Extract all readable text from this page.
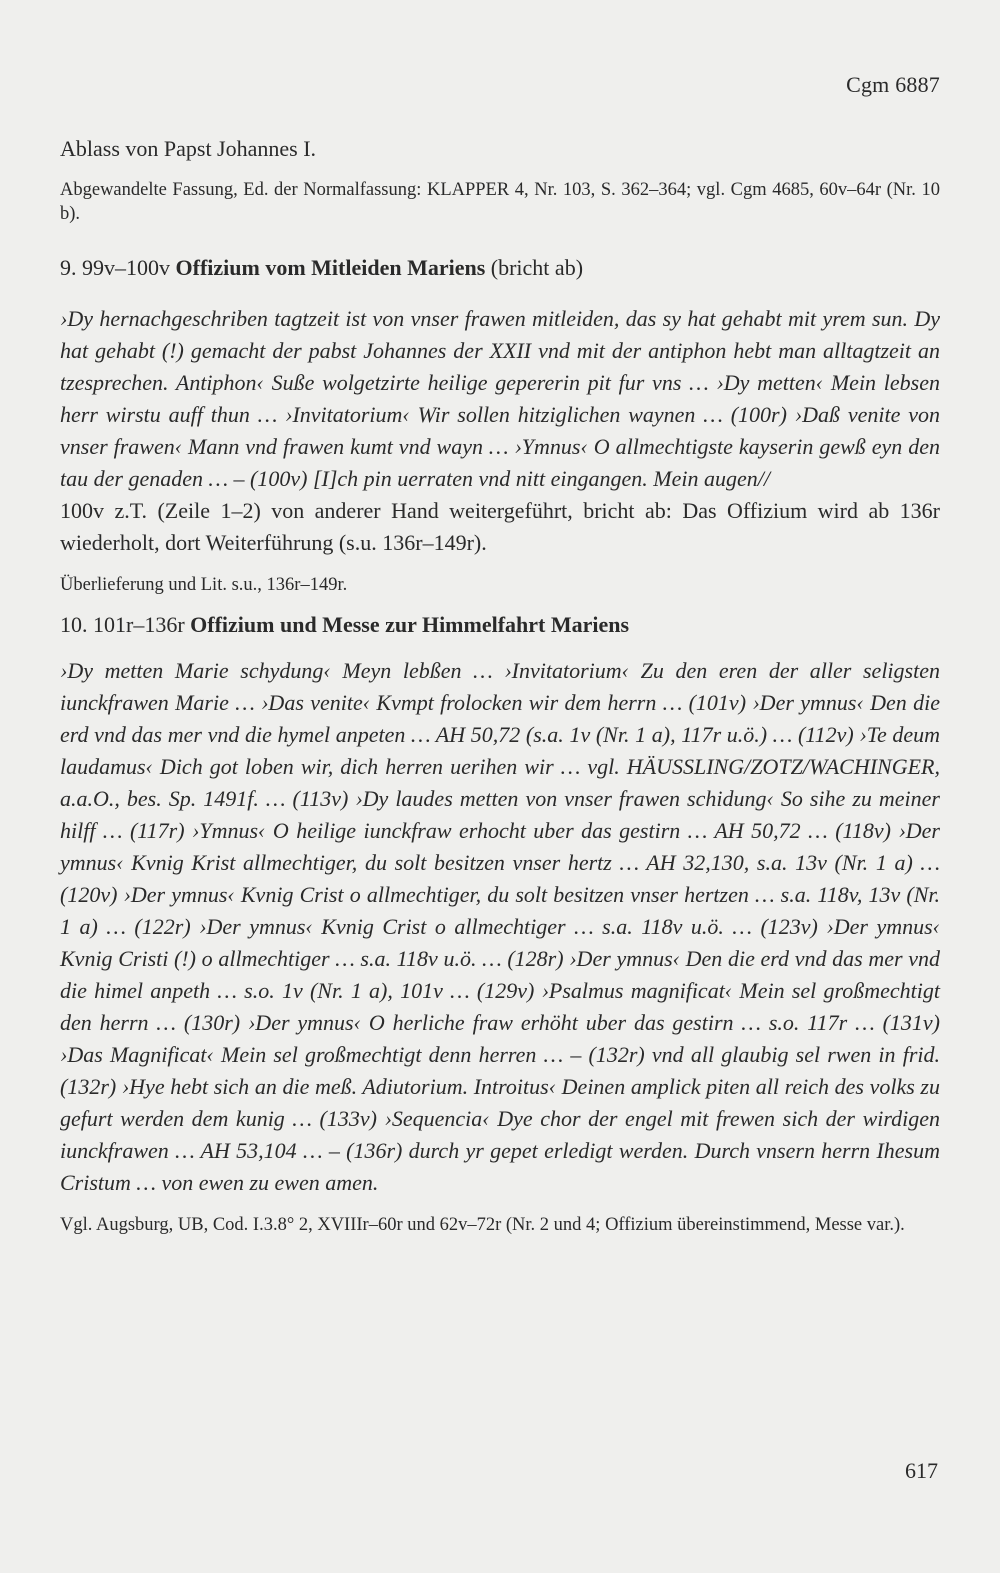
Cgm 6887

Ablass von Papst Johannes I.

Abgewandelte Fassung, Ed. der Normalfassung: KLAPPER 4, Nr. 103, S. 362–364; vgl. Cgm 4685, 60v–64r (Nr. 10 b).

9. 99v–100v Offizium vom Mitleiden Mariens (bricht ab)

›Dy hernachgeschriben tagtzeit ist von vnser frawen mitleiden, das sy hat gehabt mit yrem sun. Dy hat gehabt (!) gemacht der pabst Johannes der XXII vnd mit der antiphon hebt man alltagtzeit an tzesprechen. Antiphon‹ Suße wolgetzirte heilige gepererin pit fur vns … ›Dy metten‹ Mein lebsen herr wirstu auff thun … ›Invitatorium‹ Wir sollen hitziglichen waynen … (100r) ›Daß venite von vnser frawen‹ Mann vnd frawen kumt vnd wayn … ›Ymnus‹ O allmechtigste kayserin gewß eyn den tau der genaden … – (100v) [I]ch pin uerraten vnd nitt eingangen. Mein augen//

100v z.T. (Zeile 1–2) von anderer Hand weitergeführt, bricht ab: Das Offizium wird ab 136r wiederholt, dort Weiterführung (s.u. 136r–149r).

Überlieferung und Lit. s.u., 136r–149r.

10. 101r–136r Offizium und Messe zur Himmelfahrt Mariens

›Dy metten Marie schydung‹ Meyn lebßen … ›Invitatorium‹ Zu den eren der aller seligsten iunckfrawen Marie … ›Das venite‹ Kvmpt frolocken wir dem herrn … (101v) ›Der ymnus‹ Den die erd vnd das mer vnd die hymel anpeten … AH 50,72 (s.a. 1v (Nr. 1 a), 117r u.ö.) … (112v) ›Te deum laudamus‹ Dich got loben wir, dich herren uerihen wir … vgl. HÄUSSLING/ZOTZ/WACHINGER, a.a.O., bes. Sp. 1491f. … (113v) ›Dy laudes metten von vnser frawen schidung‹ So sihe zu meiner hilff … (117r) ›Ymnus‹ O heilige iunckfraw erhocht uber das gestirn … AH 50,72 … (118v) ›Der ymnus‹ Kvnig Krist allmechtiger, du solt besitzen vnser hertz … AH 32,130, s.a. 13v (Nr. 1 a) … (120v) ›Der ymnus‹ Kvnig Crist o allmechtiger, du solt besitzen vnser hertzen … s.a. 118v, 13v (Nr. 1 a) … (122r) ›Der ymnus‹ Kvnig Crist o allmechtiger … s.a. 118v u.ö. … (123v) ›Der ymnus‹ Kvnig Cristi (!) o allmechtiger … s.a. 118v u.ö. … (128r) ›Der ymnus‹ Den die erd vnd das mer vnd die himel anpeth … s.o. 1v (Nr. 1 a), 101v … (129v) ›Psalmus magnificat‹ Mein sel großmechtigt den herrn … (130r) ›Der ymnus‹ O herliche fraw erhöht uber das gestirn … s.o. 117r … (131v) ›Das Magnificat‹ Mein sel großmechtigt denn herren … – (132r) vnd all glaubig sel rwen in frid. (132r) ›Hye hebt sich an die meß. Adiutorium. Introitus‹ Deinen amplick piten all reich des volks zu gefurt werden dem kunig … (133v) ›Sequencia‹ Dye chor der engel mit frewen sich der wirdigen iunckfrawen … AH 53,104 … – (136r) durch yr gepet erledigt werden. Durch vnsern herrn Ihesum Cristum … von ewen zu ewen amen.

Vgl. Augsburg, UB, Cod. I.3.8° 2, XVIIIr–60r und 62v–72r (Nr. 2 und 4; Offizium übereinstimmend, Messe var.).

617
